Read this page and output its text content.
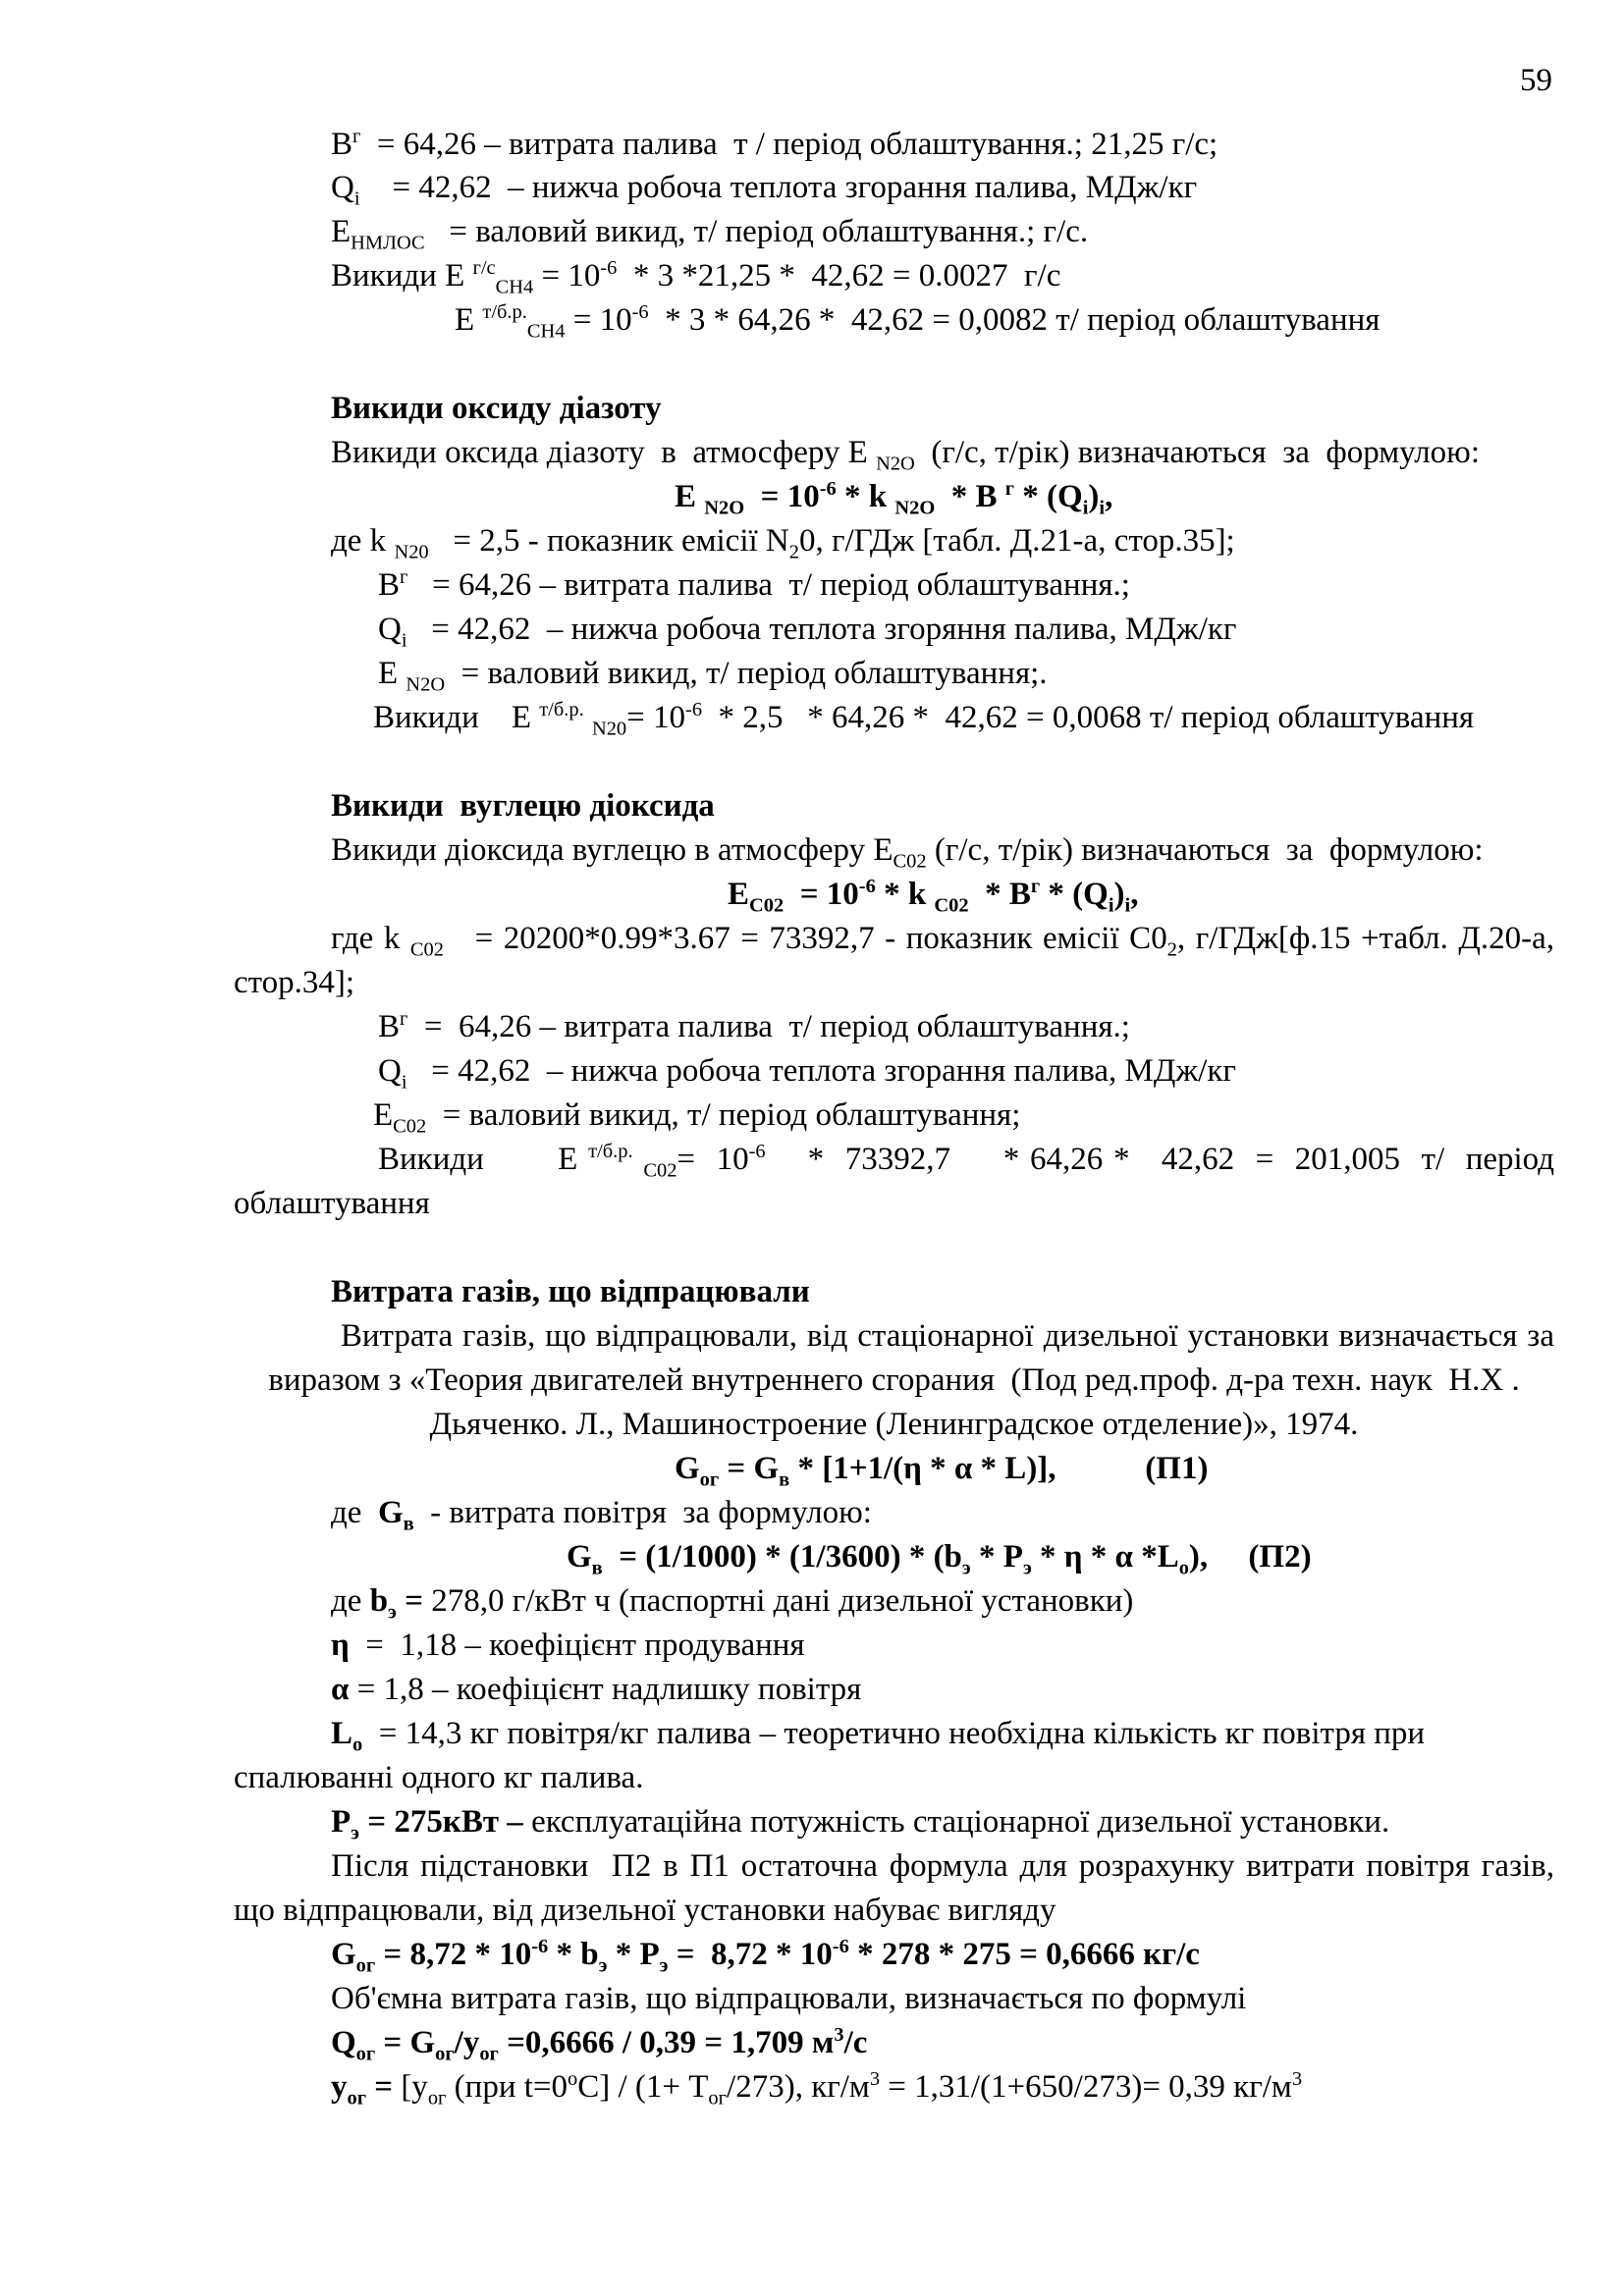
59
$В^г = 64,26$ – витрата палива  т / період облаштування.; 21,25 г/с;
$Q_i$    = 42,62  – нижча робоча теплота згорання палива, МДж/кг
$Е_{НМЛОС}$   = валовий викид, т/ період облаштування.; г/с.
Викиди Е $^{г/с}_{СН4} = 10^{-6} * 3$ *21,25 *  42,62 = 0.0027  г/с
Е $^{т/б.р.}_{СН4} = 10^{-6} * 3 * 64,26 * 42,62 = 0,0082$ т/ період облаштування
Викиди оксиду діазоту
Викиди оксида діазоту  в  атмосферу Е $_{N2O}$  (г/с, т/рік) визначаються  за  формулою:
Е $_{N2O} = 10^{-6} * k$ $_{N2O}$  * В $^г * (Q_i)_i$,
де k $_{N20}$   = 2,5 - показник емісії $N_20$, г/ГДж [табл. Д.21-а, стор.35];
$В^г = 64,26$ – витрата палива  т/ період облаштування.;
$Q_i = 42,62$  – нижча робоча теплота згоряння палива, МДж/кг
Е $_{N2O}$  = валовий викид, т/ період облаштування;.
Викиди    Е $^{т/б.р.}$ $_{N20}= 10^{-6} * 2,5 * 64,26 * 42,62 = 0,0068$ т/ період облаштування
Викиди  вуглецю діоксида
Викиди діоксида вуглецю в атмосферу $Е_{С02}$ (г/с, т/рік) визначаються  за  формулою:
$Е_{С02} = 10^{-6} * k$ $_{С02} * В^г * (Q_i)_i$,
где k $_{С02}$   = 20200*0.99*3.67 = 73392,7 - показник емісії $С0_2$, г/ГДж[ф.15 +табл. Д.20-а,
стор.34];
$В^г = 64,26$ – витрата палива  т/ період облаштування.;
$Q_i = 42,62$  – нижча робоча теплота згорання палива, МДж/кг
$Е_{С02}$  = валовий викид, т/ період облаштування;
Викиди       Е $^{т/б.р.}$ $_{С02}= 10^{-6}$    *  73392,7     * 64,26 *   42,62  =  201,005  т/  період
облаштування
Витрата газів, що відпрацювали
Витрата газів, що відпрацювали, від стаціонарної дизельної установки визначається за
виразом з «Теория двигателей внутреннего сгорания  (Под ред.проф. д-ра техн. наук  Н.Х .
Дьяченко. Л., Машиностроение (Ленинградское отделение)», 1974.
$G_{ог} = G_в * [1+1/(\eta * \alpha * L)]$,           (П1)
де  $G_в$  - витрата повітря  за формулою:
$G_в = (1/1000) * (1/3600) * (b_э * Р_э * \eta * \alpha$ $*L_о$),     (П2)
де $b_э = 278,0$ г/кВт ч (паспортні дані дизельної установки)
η  =  1,18 – коефіцієнт продування
α = 1,8 – коефіцієнт надлишку повітря
$L_о = 14,3$ кг повітря/кг палива – теоретично необхідна кількість кг повітря при
спалюванні одного кг палива.
$Р_э = 275кВт$ – експлуатаційна потужність стаціонарної дизельної установки.
Після підстановки  П2 в П1 остаточна формула для розрахунку витрати повітря газів,
що відпрацювали, від дизельної установки набуває вигляду
$G_{ог} = 8,72 * 10^{-6} * b_э * Р_э = 8,72 * 10^{-6} * 278 * 275 = 0,6666$ кг/с
Об'ємна витрата газів, що відпрацювали, визначається по формулі
$Q_{ог} = G_{ог}/у_{ог} =0,6666 / 0,39 = 1,709$ $м^3/с$
$у_{ог} = [у_{ог}$ (при $t=0^оС] / (1+ Т_{ог}/273)$, $кг/м^3 = 1,31/(1+650/273)= 0,39$ $кг/м^3$
